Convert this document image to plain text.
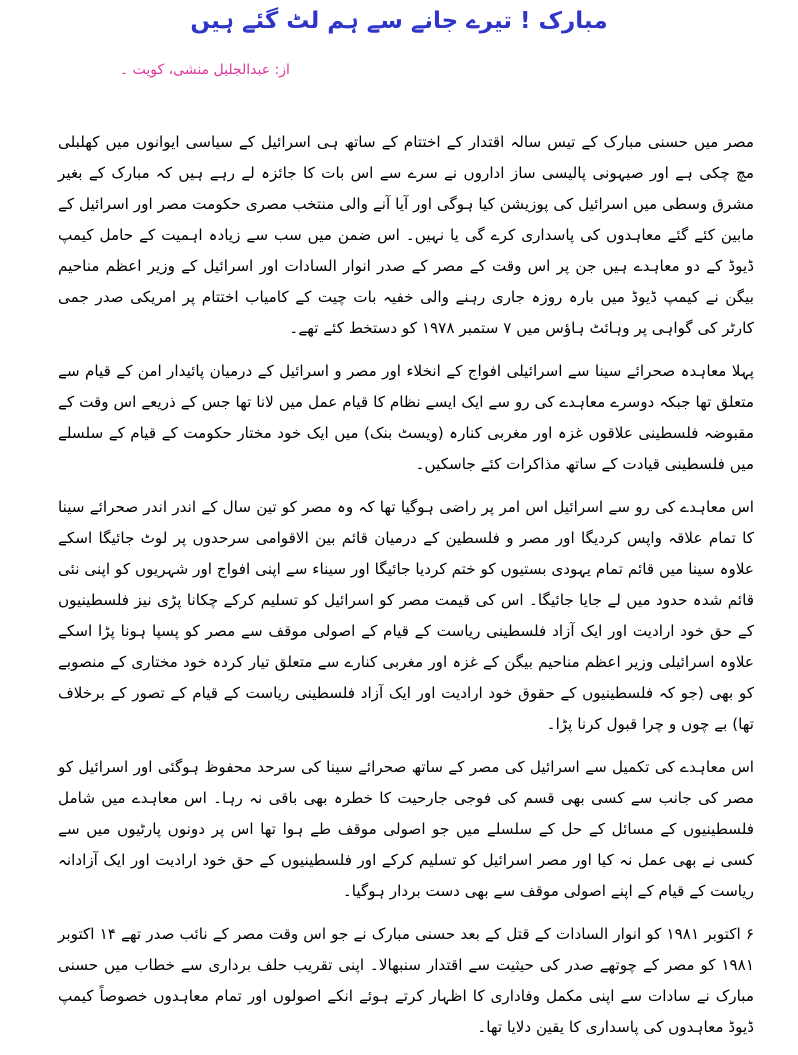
مبارک ! تیرے جانے سے ہم لٹ گئے ہیں
از: عبدالجلیل منشی، کویت ۔

مصر میں حسنی مبارک کے تیس سالہ اقتدار کے اختتام کے ساتھ ہی اسرائیل کے سیاسی ایوانوں میں کھلبلی مچ چکی ہے اور صیہونی پالیسی ساز اداروں نے سرے سے اس بات کا جائزہ لے رہے ہیں کہ مبارک کے بغیر مشرق وسطی میں اسرائیل کی پوزیشن کیا ہوگی اور آیا آنے والی منتخب مصری حکومت مصر اور اسرائیل کے مابین کئے گئے معاہدوں کی پاسداری کرے گی یا نہیں۔ اس ضمن میں سب سے زیادہ اہمیت کے حامل کیمپ ڈیوڈ کے دو معاہدے ہیں جن پر اس وقت کے مصر کے صدر انوار السادات اور اسرائیل کے وزیر اعظم مناحیم بیگن نے کیمپ ڈیوڈ میں بارہ روزہ جاری رہنے والی خفیہ بات چیت کے کامیاب اختتام پر امریکی صدر جمی کارٹر کی گواہی پر وہائٹ ہاؤس میں ۷ ستمبر ۱۹۷۸ کو دستخط کئے تھے۔

پہلا معاہدہ صحرائے سینا سے اسرائیلی افواج کے انخلاء اور مصر و اسرائیل کے درمیان پائیدار امن کے قیام سے متعلق تھا جبکہ دوسرے معاہدے کی رو سے ایک ایسے نظام کا قیام عمل میں لانا تھا جس کے ذریعے اس وقت کے مقبوضہ فلسطینی علاقوں غزہ اور مغربی کنارہ (ویسٹ بنک) میں ایک خود مختار حکومت کے قیام کے سلسلے میں فلسطینی قیادت کے ساتھ مذاکرات کئے جاسکیں۔

اس معاہدے کی رو سے اسرائیل اس امر پر راضی ہوگیا تھا کہ وہ مصر کو تین سال کے اندر اندر صحرائے سینا کا تمام علاقہ واپس کردیگا اور مصر و فلسطین کے درمیان قائم بین الاقوامی سرحدوں پر لوٹ جائیگا اسکے علاوہ سینا میں قائم تمام یہودی بستیوں کو ختم کردیا جائیگا اور سیناء سے اپنی افواج اور شہریوں کو اپنی نئی قائم شدہ حدود میں لے جایا جائیگا۔ اس کی قیمت مصر کو اسرائیل کو تسلیم کرکے چکانا پڑی نیز فلسطینیوں کے حق خود ارادیت اور ایک آزاد فلسطینی ریاست کے قیام کے اصولی موقف سے مصر کو پسپا ہونا پڑا اسکے علاوہ اسرائیلی وزیر اعظم مناحیم بیگن کے غزہ اور مغربی کنارے سے متعلق تیار کردہ خود مختاری کے منصوبے کو بھی (جو کہ فلسطینیوں کے حقوق خود ارادیت اور ایک آزاد فلسطینی ریاست کے قیام کے تصور کے برخلاف تھا) بے چوں و چرا قبول کرنا پڑا۔

اس معاہدے کی تکمیل سے اسرائیل کی مصر کے ساتھ صحرائے سینا کی سرحد محفوظ ہوگئی اور اسرائیل کو مصر کی جانب سے کسی بھی قسم کی فوجی جارحیت کا خطرہ بھی باقی نہ رہا۔ اس معاہدے میں شامل فلسطینیوں کے مسائل کے حل کے سلسلے میں جو اصولی موقف طے ہوا تھا اس پر دونوں پارٹیوں میں سے کسی نے بھی عمل نہ کیا اور مصر اسرائیل کو تسلیم کرکے اور فلسطینیوں کے حق خود ارادیت اور ایک آزادانہ ریاست کے قیام کے اپنے اصولی موقف سے بھی دست بردار ہوگیا۔

۶ اکتوبر ۱۹۸۱ کو انوار السادات کے قتل کے بعد حسنی مبارک نے جو اس وقت مصر کے نائب صدر تھے ۱۴ اکتوبر ۱۹۸۱ کو مصر کے چوتھے صدر کی حیثیت سے اقتدار سنبھالا۔ اپنی تقریب حلف برداری سے خطاب میں حسنی مبارک نے سادات سے اپنی مکمل وفاداری کا اظہار کرتے ہوئے انکے اصولوں اور تمام معاہدوں خصوصاً کیمپ ڈیوڈ معاہدوں کی پاسداری کا یقین دلایا تھا۔
